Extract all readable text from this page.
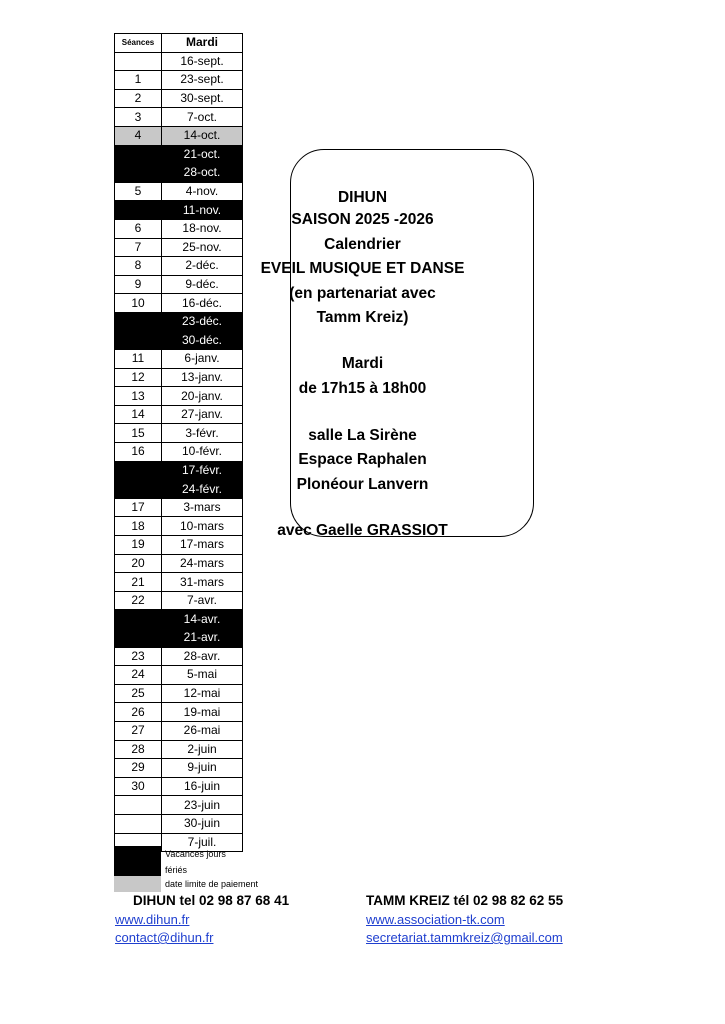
Séances	Mardi
	16-sept.
1	23-sept.
2	30-sept.
3	7-oct.
4	14-oct.
	21-oct.
	28-oct.
5	4-nov.
	11-nov.
6	18-nov.
7	25-nov.
8	2-déc.
9	9-déc.
10	16-déc.
	23-déc.
	30-déc.
11	6-janv.
12	13-janv.
13	20-janv.
14	27-janv.
15	3-févr.
16	10-févr.
	17-févr.
	24-févr.
17	3-mars
18	10-mars
19	17-mars
20	24-mars
21	31-mars
22	7-avr.
	14-avr.
	21-avr.
23	28-avr.
24	5-mai
25	12-mai
26	19-mai
27	26-mai
28	2-juin
29	9-juin
30	16-juin
	23-juin
	30-juin
	7-juil.
Vacances jours
fériés
date limite de paiement
DIHUN
SAISON 2025 -2026
Calendrier
EVEIL MUSIQUE ET DANSE
(en partenariat avec
Tamm Kreiz)
Mardi
de 17h15 à 18h00
salle La Sirène
Espace Raphalen
Plonéour Lanvern
avec Gaelle GRASSIOT
DIHUN tel 02 98 87 68 41
www.dihun.fr
contact@dihun.fr
TAMM KREIZ tél 02 98 82 62 55
www.association-tk.com
secretariat.tammkreiz@gmail.com
